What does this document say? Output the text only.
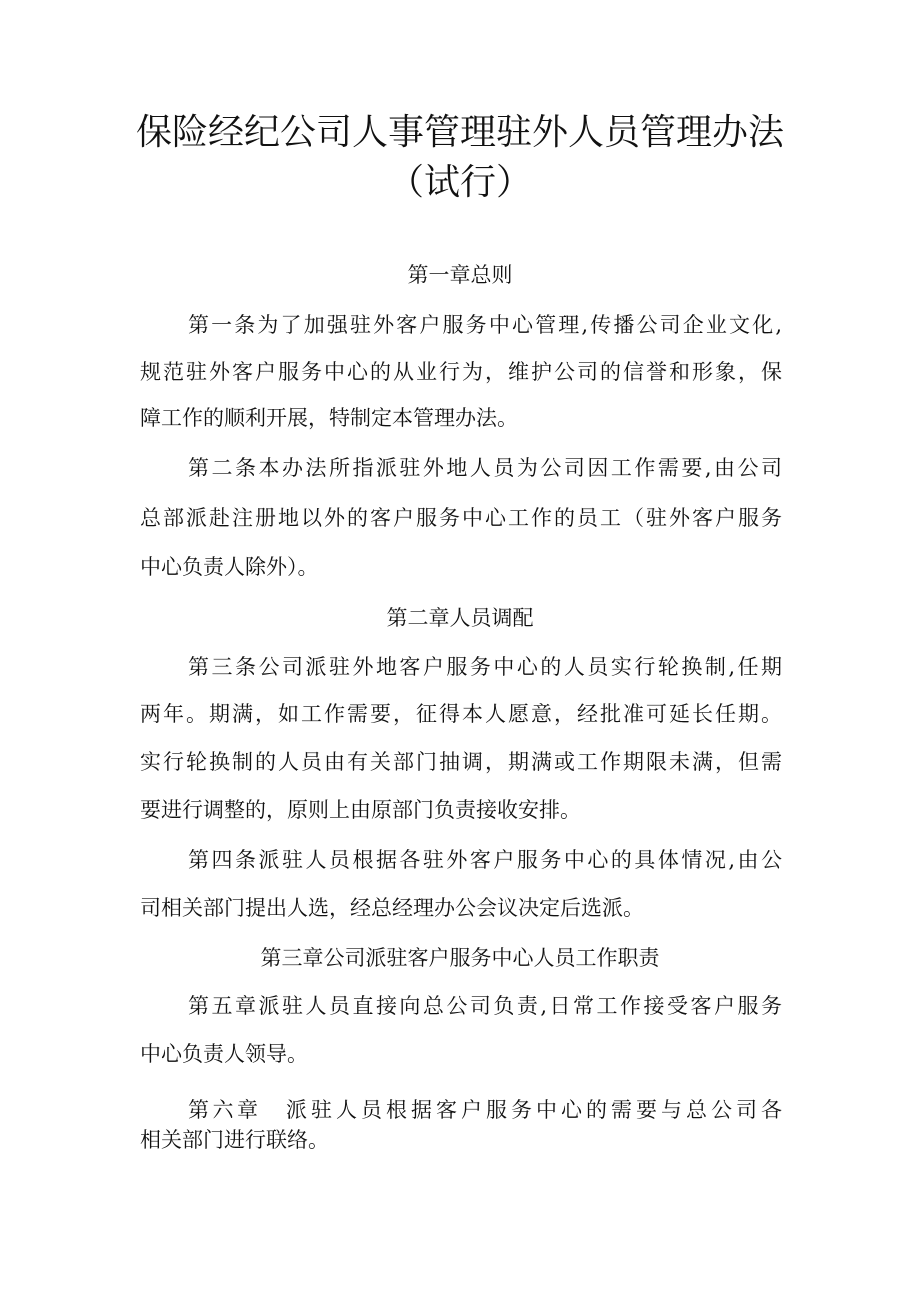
保险经纪公司人事管理驻外人员管理办法
（试行）
第一章总则
第一条为了加强驻外客户服务中心管理,传播公司企业文化,
规范驻外客户服务中心的从业行为，维护公司的信誉和形象，保
障工作的顺利开展，特制定本管理办法。
第二条本办法所指派驻外地人员为公司因工作需要,由公司
总部派赴注册地以外的客户服务中心工作的员工（驻外客户服务
中心负责人除外）。
第二章人员调配
第三条公司派驻外地客户服务中心的人员实行轮换制,任期
两年。期满，如工作需要，征得本人愿意，经批准可延长任期。
实行轮换制的人员由有关部门抽调，期满或工作期限未满，但需
要进行调整的，原则上由原部门负责接收安排。
第四条派驻人员根据各驻外客户服务中心的具体情况,由公
司相关部门提出人选，经总经理办公会议决定后选派。
第三章公司派驻客户服务中心人员工作职责
第五章派驻人员直接向总公司负责,日常工作接受客户服务
中心负责人领导。
第六章 派驻人员根据客户服务中心的需要与总公司各
相关部门进行联络。
